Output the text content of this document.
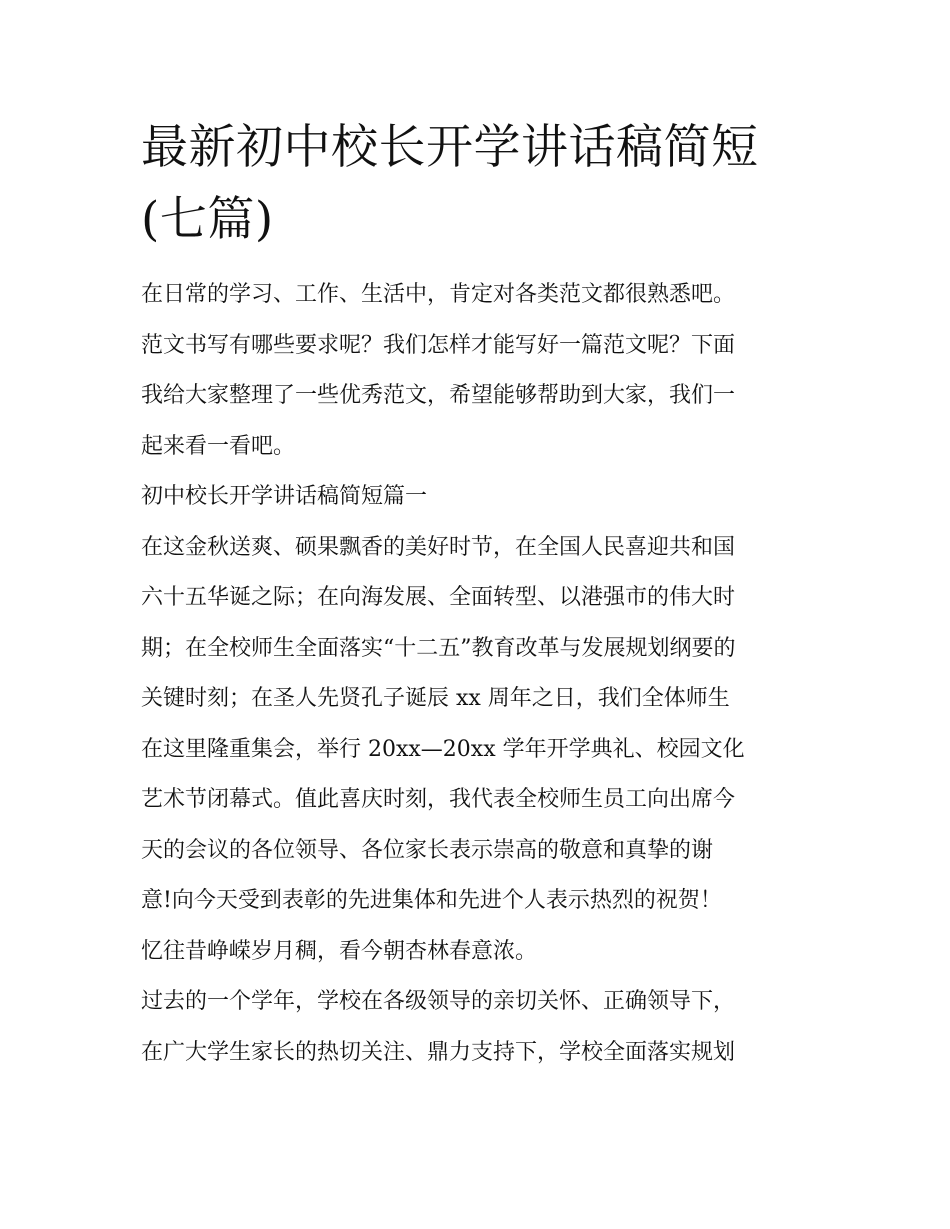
最新初中校长开学讲话稿简短
(七篇)

在日常的学习、工作、生活中，肯定对各类范文都很熟悉吧。
范文书写有哪些要求呢？我们怎样才能写好一篇范文呢？下面
我给大家整理了一些优秀范文，希望能够帮助到大家，我们一
起来看一看吧。

初中校长开学讲话稿简短篇一

在这金秋送爽、硕果飘香的美好时节，在全国人民喜迎共和国
六十五华诞之际；在向海发展、全面转型、以港强市的伟大时
期；在全校师生全面落实“十二五”教育改革与发展规划纲要的
关键时刻；在圣人先贤孔子诞辰 xx 周年之日，我们全体师生
在这里隆重集会，举行 20xx—20xx 学年开学典礼、校园文化
艺术节闭幕式。值此喜庆时刻，我代表全校师生员工向出席今
天的会议的各位领导、各位家长表示崇高的敬意和真挚的谢
意!向今天受到表彰的先进集体和先进个人表示热烈的祝贺！

忆往昔峥嵘岁月稠，看今朝杏林春意浓。

过去的一个学年，学校在各级领导的亲切关怀、正确领导下，
在广大学生家长的热切关注、鼎力支持下，学校全面落实规划
